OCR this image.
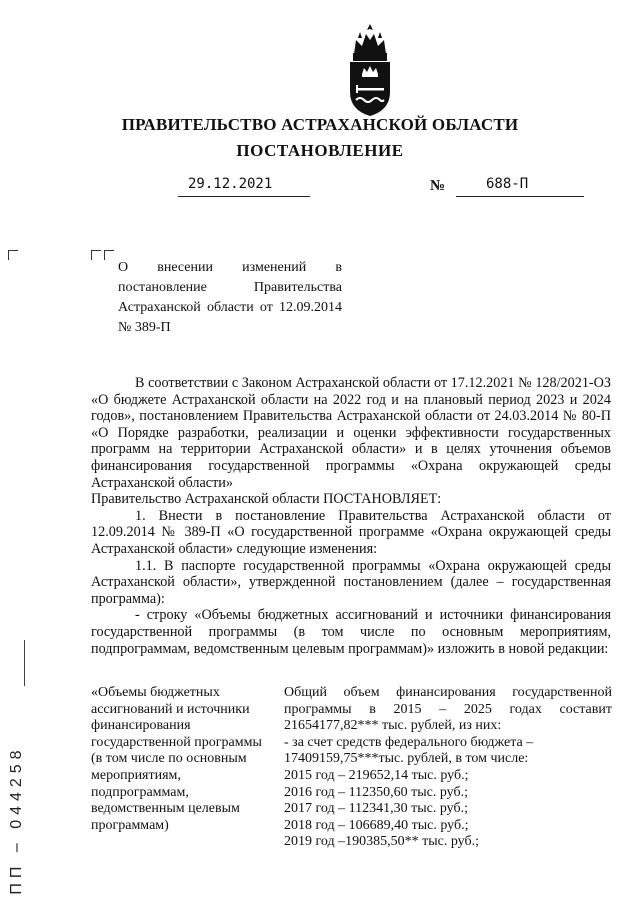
ПРАВИТЕЛЬСТВО АСТРАХАНСКОЙ ОБЛАСТИ
ПОСТАНОВЛЕНИЕ
29.12.2021	№	688-П
О внесении изменений в постановление Правительства Астраханской области от 12.09.2014 № 389-П

В соответствии с Законом Астраханской области от 17.12.2021 № 128/2021-ОЗ «О бюджете Астраханской области на 2022 год и на плановый период 2023 и 2024 годов», постановлением Правительства Астраханской области от 24.03.2014 № 80-П «О Порядке разработки, реализации и оценки эффективности государственных программ на территории Астраханской области» и в целях уточнения объемов финансирования государственной программы «Охрана окружающей среды Астраханской области»

Правительство Астраханской области ПОСТАНОВЛЯЕТ:

1. Внести в постановление Правительства Астраханской области от 12.09.2014 № 389-П «О государственной программе «Охрана окружающей среды Астраханской области» следующие изменения:

1.1. В паспорте государственной программы «Охрана окружающей среды Астраханской области», утвержденной постановлением (далее – государственная программа):

- строку «Объемы бюджетных ассигнований и источники финансирования государственной программы (в том числе по основным мероприятиям, подпрограммам, ведомственным целевым программам)» изложить в новой редакции:

«Объемы бюджетных ассигнований и источники финансирования государственной программы (в том числе по основным мероприятиям, подпрограммам, ведомственным целевым программам)

Общий объем финансирования государственной программы в 2015 – 2025 годах составит 21654177,82*** тыс. рублей, из них:

- за счет средств федерального бюджета – 17409159,75***тыс. рублей, в том числе:

2015 год – 219652,14 тыс. руб.;
2016 год – 112350,60 тыс. руб.;
2017 год – 112341,30 тыс. руб.;
2018 год – 106689,40 тыс. руб.;
2019 год –190385,50** тыс. руб.;
ПП – 044258
